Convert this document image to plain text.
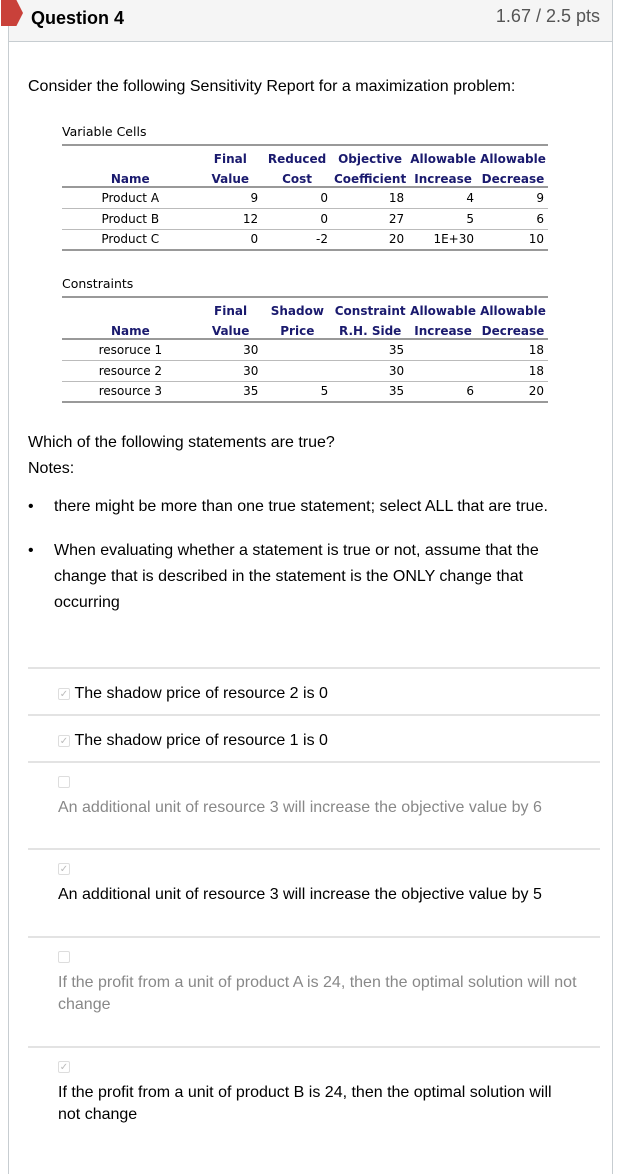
Question 4	1.67 / 2.5 pts
Consider the following Sensitivity Report for a maximization problem:
Variable Cells
	Final	Reduced	Objective	Allowable	Allowable
Name	Value	Cost	Coefficient	Increase	Decrease
Product A	9	0	18	4	9
Product B	12	0	27	5	6
Product C	0	-2	20	1E+30	10
Constraints
	Final	Shadow	Constraint	Allowable	Allowable
Name	Value	Price	R.H. Side	Increase	Decrease
resoruce 1	30		35		18
resource 2	30		30		18
resource 3	35	5	35	6	20
Which of the following statements are true?
Notes:
• there might be more than one true statement; select ALL that are true.
• When evaluating whether a statement is true or not, assume that the change that is described in the statement is the ONLY change that occurring
✓ The shadow price of resource 2 is 0
✓ The shadow price of resource 1 is 0
An additional unit of resource 3 will increase the objective value by 6
✓
An additional unit of resource 3 will increase the objective value by 5
If the profit from a unit of product A is 24, then the optimal solution will not change
✓
If the profit from a unit of product B is 24, then the optimal solution will not change
